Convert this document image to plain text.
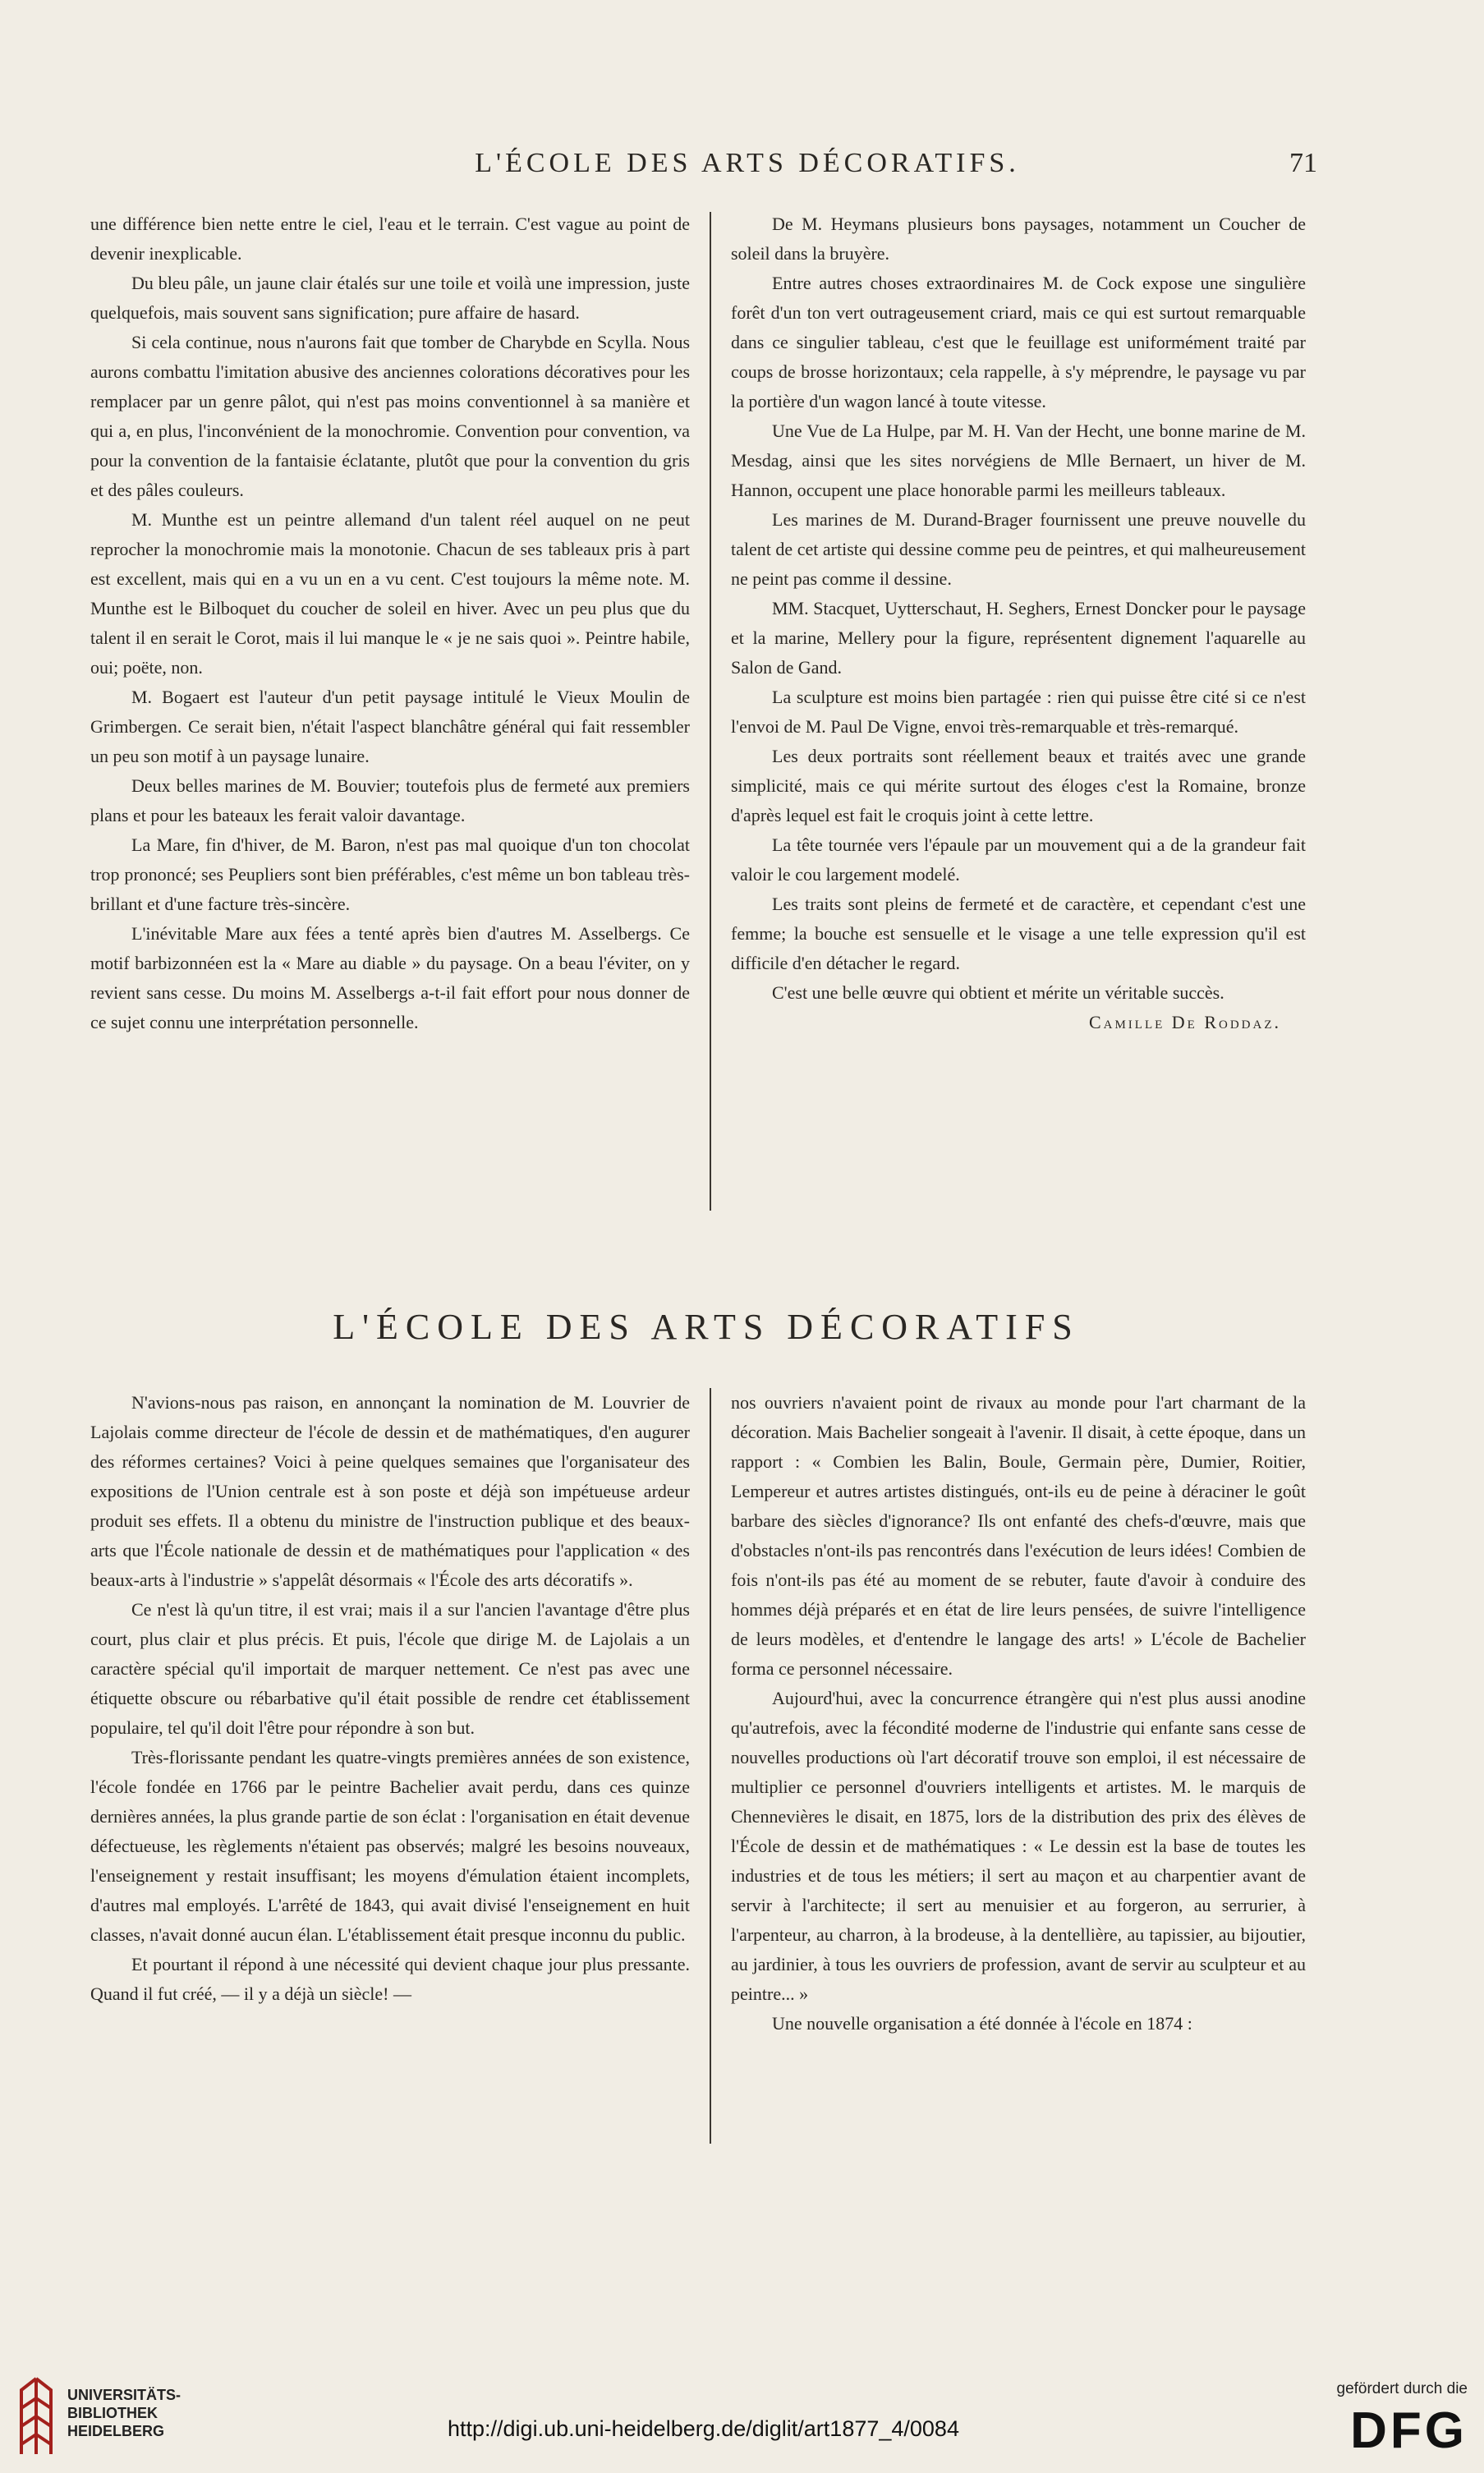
L'ÉCOLE DES ARTS DÉCORATIFS.	71

une différence bien nette entre le ciel, l'eau et le terrain. C'est vague au point de devenir inexplicable.

Du bleu pâle, un jaune clair étalés sur une toile et voilà une impression, juste quelquefois, mais souvent sans signification; pure affaire de hasard.

Si cela continue, nous n'aurons fait que tomber de Charybde en Scylla. Nous aurons combattu l'imitation abusive des anciennes colorations décoratives pour les remplacer par un genre pâlot, qui n'est pas moins conventionnel à sa manière et qui a, en plus, l'inconvénient de la monochromie. Convention pour convention, va pour la convention de la fantaisie éclatante, plutôt que pour la convention du gris et des pâles couleurs.

M. Munthe est un peintre allemand d'un talent réel auquel on ne peut reprocher la monochromie mais la monotonie. Chacun de ses tableaux pris à part est excellent, mais qui en a vu un en a vu cent. C'est toujours la même note. M. Munthe est le Bilboquet du coucher de soleil en hiver. Avec un peu plus que du talent il en serait le Corot, mais il lui manque le « je ne sais quoi ». Peintre habile, oui; poëte, non.

M. Bogaert est l'auteur d'un petit paysage intitulé le Vieux Moulin de Grimbergen. Ce serait bien, n'était l'aspect blanchâtre général qui fait ressembler un peu son motif à un paysage lunaire.

Deux belles marines de M. Bouvier; toutefois plus de fermeté aux premiers plans et pour les bateaux les ferait valoir davantage.

La Mare, fin d'hiver, de M. Baron, n'est pas mal quoique d'un ton chocolat trop prononcé; ses Peupliers sont bien préférables, c'est même un bon tableau très-brillant et d'une facture très-sincère.

L'inévitable Mare aux fées a tenté après bien d'autres M. Asselbergs. Ce motif barbizonnéen est la « Mare au diable » du paysage. On a beau l'éviter, on y revient sans cesse. Du moins M. Asselbergs a-t-il fait effort pour nous donner de ce sujet connu une interprétation personnelle.

De M. Heymans plusieurs bons paysages, notamment un Coucher de soleil dans la bruyère.

Entre autres choses extraordinaires M. de Cock expose une singulière forêt d'un ton vert outrageusement criard, mais ce qui est surtout remarquable dans ce singulier tableau, c'est que le feuillage est uniformément traité par coups de brosse horizontaux; cela rappelle, à s'y méprendre, le paysage vu par la portière d'un wagon lancé à toute vitesse.

Une Vue de La Hulpe, par M. H. Van der Hecht, une bonne marine de M. Mesdag, ainsi que les sites norvégiens de Mlle Bernaert, un hiver de M. Hannon, occupent une place honorable parmi les meilleurs tableaux.

Les marines de M. Durand-Brager fournissent une preuve nouvelle du talent de cet artiste qui dessine comme peu de peintres, et qui malheureusement ne peint pas comme il dessine.

MM. Stacquet, Uytterschaut, H. Seghers, Ernest Doncker pour le paysage et la marine, Mellery pour la figure, représentent dignement l'aquarelle au Salon de Gand.

La sculpture est moins bien partagée : rien qui puisse être cité si ce n'est l'envoi de M. Paul De Vigne, envoi très-remarquable et très-remarqué.

Les deux portraits sont réellement beaux et traités avec une grande simplicité, mais ce qui mérite surtout des éloges c'est la Romaine, bronze d'après lequel est fait le croquis joint à cette lettre.

La tête tournée vers l'épaule par un mouvement qui a de la grandeur fait valoir le cou largement modelé.

Les traits sont pleins de fermeté et de caractère, et cependant c'est une femme; la bouche est sensuelle et le visage a une telle expression qu'il est difficile d'en détacher le regard.

C'est une belle œuvre qui obtient et mérite un véritable succès.

Camille De Roddaz.

L'ÉCOLE DES ARTS DÉCORATIFS

N'avions-nous pas raison, en annonçant la nomination de M. Louvrier de Lajolais comme directeur de l'école de dessin et de mathématiques, d'en augurer des réformes certaines? Voici à peine quelques semaines que l'organisateur des expositions de l'Union centrale est à son poste et déjà son impétueuse ardeur produit ses effets. Il a obtenu du ministre de l'instruction publique et des beaux-arts que l'École nationale de dessin et de mathématiques pour l'application « des beaux-arts à l'industrie » s'appelât désormais « l'École des arts décoratifs ».

Ce n'est là qu'un titre, il est vrai; mais il a sur l'ancien l'avantage d'être plus court, plus clair et plus précis. Et puis, l'école que dirige M. de Lajolais a un caractère spécial qu'il importait de marquer nettement. Ce n'est pas avec une étiquette obscure ou rébarbative qu'il était possible de rendre cet établissement populaire, tel qu'il doit l'être pour répondre à son but.

Très-florissante pendant les quatre-vingts premières années de son existence, l'école fondée en 1766 par le peintre Bachelier avait perdu, dans ces quinze dernières années, la plus grande partie de son éclat : l'organisation en était devenue défectueuse, les règlements n'étaient pas observés; malgré les besoins nouveaux, l'enseignement y restait insuffisant; les moyens d'émulation étaient incomplets, d'autres mal employés. L'arrêté de 1843, qui avait divisé l'enseignement en huit classes, n'avait donné aucun élan. L'établissement était presque inconnu du public.

Et pourtant il répond à une nécessité qui devient chaque jour plus pressante. Quand il fut créé, — il y a déjà un siècle! —

nos ouvriers n'avaient point de rivaux au monde pour l'art charmant de la décoration. Mais Bachelier songeait à l'avenir. Il disait, à cette époque, dans un rapport : « Combien les Balin, Boule, Germain père, Dumier, Roitier, Lempereur et autres artistes distingués, ont-ils eu de peine à déraciner le goût barbare des siècles d'ignorance? Ils ont enfanté des chefs-d'œuvre, mais que d'obstacles n'ont-ils pas rencontrés dans l'exécution de leurs idées! Combien de fois n'ont-ils pas été au moment de se rebuter, faute d'avoir à conduire des hommes déjà préparés et en état de lire leurs pensées, de suivre l'intelligence de leurs modèles, et d'entendre le langage des arts! » L'école de Bachelier forma ce personnel nécessaire.

Aujourd'hui, avec la concurrence étrangère qui n'est plus aussi anodine qu'autrefois, avec la fécondité moderne de l'industrie qui enfante sans cesse de nouvelles productions où l'art décoratif trouve son emploi, il est nécessaire de multiplier ce personnel d'ouvriers intelligents et artistes. M. le marquis de Chennevières le disait, en 1875, lors de la distribution des prix des élèves de l'École de dessin et de mathématiques : « Le dessin est la base de toutes les industries et de tous les métiers; il sert au maçon et au charpentier avant de servir à l'architecte; il sert au menuisier et au forgeron, au serrurier, à l'arpenteur, au charron, à la brodeuse, à la dentellière, au tapissier, au bijoutier, au jardinier, à tous les ouvriers de profession, avant de servir au sculpteur et au peintre... »

Une nouvelle organisation a été donnée à l'école en 1874 :

UNIVERSITÄTS-
BIBLIOTHEK
HEIDELBERG	http://digi.ub.uni-heidelberg.de/diglit/art1877_4/0084
gefördert durch die
DFG
